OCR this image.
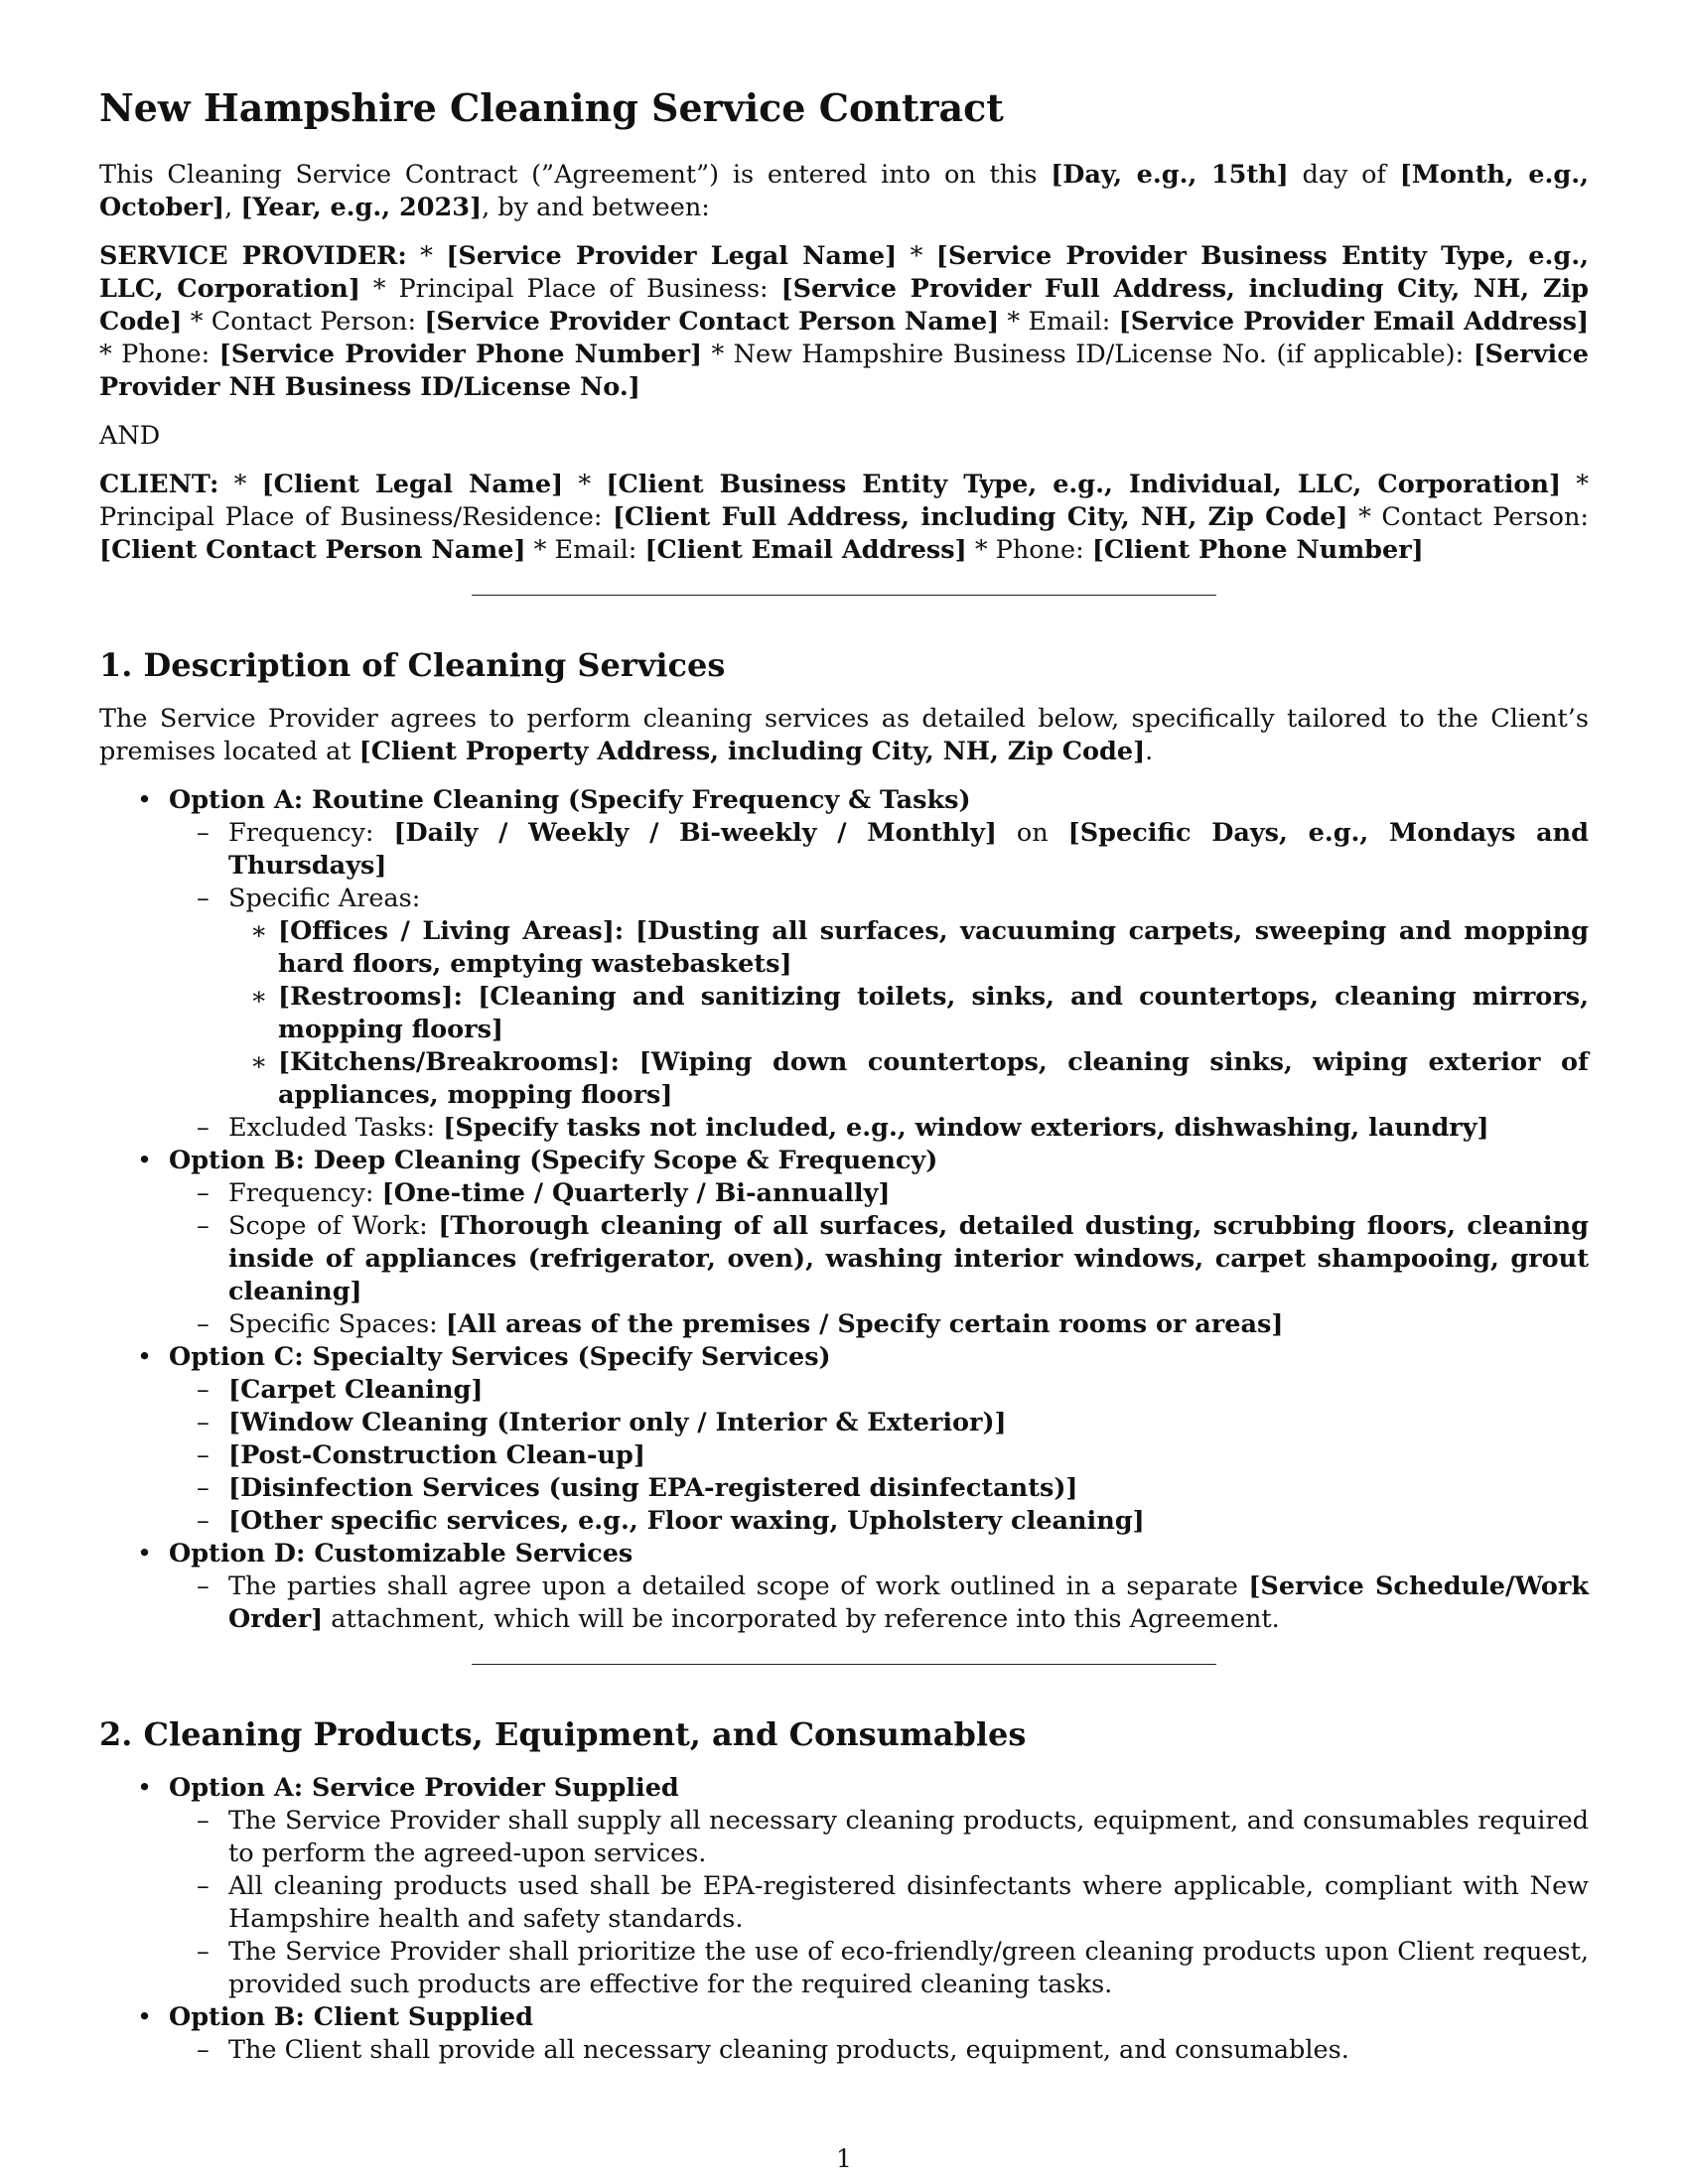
New Hampshire Cleaning Service Contract

This Cleaning Service Contract (”Agreement”) is entered into on this [Day, e.g., 15th] day of [Month, e.g., October], [Year, e.g., 2023], by and between:

SERVICE PROVIDER: * [Service Provider Legal Name] * [Service Provider Business Entity Type, e.g., LLC, Corporation] * Principal Place of Business: [Service Provider Full Address, including City, NH, Zip Code] * Contact Person: [Service Provider Contact Person Name] * Email: [Service Provider Email Address] * Phone: [Service Provider Phone Number] * New Hampshire Business ID/License No. (if applicable): [Service Provider NH Business ID/License No.]

AND

CLIENT: * [Client Legal Name] * [Client Business Entity Type, e.g., Individual, LLC, Corporation] * Principal Place of Business/Residence: [Client Full Address, including City, NH, Zip Code] * Contact Person: [Client Contact Person Name] * Email: [Client Email Address] * Phone: [Client Phone Number]

1. Description of Cleaning Services

The Service Provider agrees to perform cleaning services as detailed below, specifically tailored to the Client’s premises located at [Client Property Address, including City, NH, Zip Code].

• Option A: Routine Cleaning (Specify Frequency & Tasks)
– Frequency: [Daily / Weekly / Bi-weekly / Monthly] on [Specific Days, e.g., Mondays and Thursdays]
– Specific Areas:
∗ [Offices / Living Areas]: [Dusting all surfaces, vacuuming carpets, sweeping and mopping hard floors, emptying wastebaskets]
∗ [Restrooms]: [Cleaning and sanitizing toilets, sinks, and countertops, cleaning mirrors, mopping floors]
∗ [Kitchens/Breakrooms]: [Wiping down countertops, cleaning sinks, wiping exterior of appliances, mopping floors]
– Excluded Tasks: [Specify tasks not included, e.g., window exteriors, dishwashing, laundry]
• Option B: Deep Cleaning (Specify Scope & Frequency)
– Frequency: [One-time / Quarterly / Bi-annually]
– Scope of Work: [Thorough cleaning of all surfaces, detailed dusting, scrubbing floors, cleaning inside of appliances (refrigerator, oven), washing interior windows, carpet shampooing, grout cleaning]
– Specific Spaces: [All areas of the premises / Specify certain rooms or areas]
• Option C: Specialty Services (Specify Services)
– [Carpet Cleaning]
– [Window Cleaning (Interior only / Interior & Exterior)]
– [Post-Construction Clean-up]
– [Disinfection Services (using EPA-registered disinfectants)]
– [Other specific services, e.g., Floor waxing, Upholstery cleaning]
• Option D: Customizable Services
– The parties shall agree upon a detailed scope of work outlined in a separate [Service Schedule/Work Order] attachment, which will be incorporated by reference into this Agreement.
2. Cleaning Products, Equipment, and Consumables
• Option A: Service Provider Supplied
– The Service Provider shall supply all necessary cleaning products, equipment, and consumables required to perform the agreed-upon services.
– All cleaning products used shall be EPA-registered disinfectants where applicable, compliant with New Hampshire health and safety standards.
– The Service Provider shall prioritize the use of eco-friendly/green cleaning products upon Client request, provided such products are effective for the required cleaning tasks.
• Option B: Client Supplied
– The Client shall provide all necessary cleaning products, equipment, and consumables.
1
